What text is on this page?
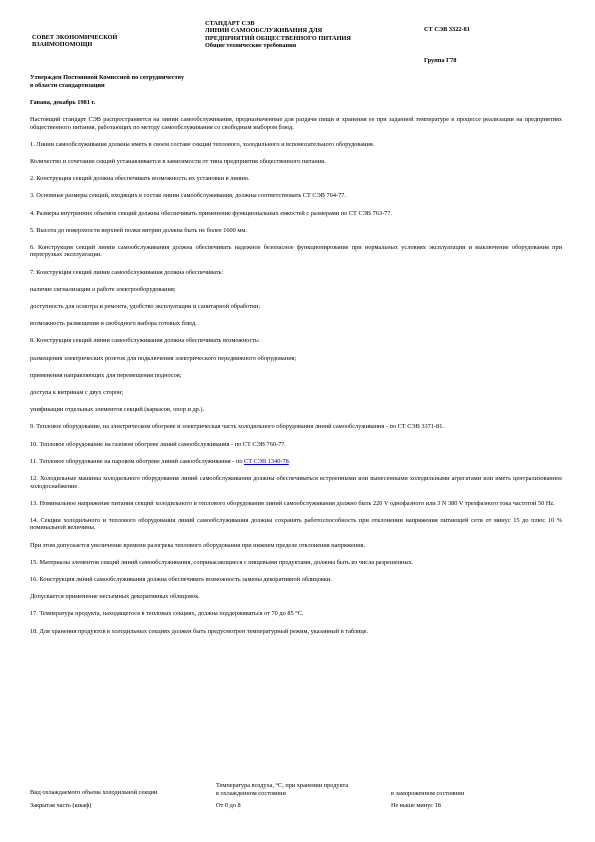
СОВЕТ ЭКОНОМИЧЕСКОЙ
ВЗАИМОПОМОЩИ
СТАНДАРТ СЭВ
ЛИНИИ САМООБСЛУЖИВАНИЯ ДЛЯ
ПРЕДПРИЯТИЙ ОБЩЕСТВЕННОГО ПИТАНИЯ
Общие технические требования
СТ СЭВ 3322-81
Группа Г78

Утвержден Постоянной Комиссией по сотрудничеству

в области стандартизации

Гавана, декабрь 1981 г.

Настоящий стандарт СЭВ распространяется на линии самообслуживания, предназначенные для раздачи пищи и хранения ее при заданной температуре в процессе реализации на предприятиях общественного питания, работающих по методу самообслуживания со свободным выбором блюд.

1. Линии самообслуживания должны иметь в своем составе секции теплового, холодильного и вспомогательного оборудования.

Количество и сочетание секций устанавливается в зависимости от типа предприятия общественного питания.

2. Конструкция секций должна обеспечивать возможность их установки в линию.

3. Основные размеры секций, входящих в состав линии самообслуживания, должны соответствовать СТ СЭВ 764-77.

4. Размеры внутренних объемов секций должны обеспечивать применение функциональных емкостей с размерами по СТ СЭВ 763-77.

5. Высота до поверхности верхней полки витрин должна быть не более 1600 мм.

6. Конструкция секций линии самообслуживания должна обеспечивать надежное безопасное функционирование при нормальных условиях эксплуатации и выключение оборудования при перегрузках эксплуатации.

7. Конструкция секций линии самообслуживания должна обеспечивать:

наличие сигнализации о работе электрооборудования;

доступность для осмотра и ремонта, удобство эксплуатации и санитарной обработки;

возможность размещения и свободного выбора готовых блюд.

8. Конструкция секций линии самообслуживания должна обеспечивать возможность:

размещения электрических розеток для подключения электрического передвижного оборудования;

применения направляющих для перемещения подносов;

доступа к витринам с двух сторон;

унификации отдельных элементов секций (каркасов, опор и др.).

9. Тепловое оборудование, на электрическом обогреве и электрическая часть холодильного оборудования линий самообслуживания - по СТ СЭВ 3371-81.

10. Тепловое оборудование на газовом обогреве линий самообслуживания - по СТ СЭВ 760-77.

11. Тепловое оборудование на паровом обогреве линий самообслуживания - по СТ СЭВ 1340-78.

12. Холодильные машины холодильного оборудования линий самообслуживания должны обеспечиваться встроенными или вынесенными холодильными агрегатами или иметь централизованное холодоснабжение.

13. Номинальное напряжение питания секций холодильного и теплового оборудования линий самообслуживания должно быть 220 V однофазного или 3 N 380 V трехфазного тока частотой 50 Hz.

14. Секции холодильного и теплового оборудования линий самообслуживания должны сохранять работоспособность при отклонении напряжения питающей сети от минус 15 до плюс 10 % номинальной величины.

При этом допускается увеличение времени разогрева теплового оборудования при нижнем пределе отклонения напряжения.

15. Материалы элементов секций линий самообслуживания, соприкасающиеся с пищевыми продуктами, должны быть из числа разрешенных.

16. Конструкция линий самообслуживания должна обеспечивать возможность замены декоративной облицовки.

Допускается применение несъемных декоративных облицовок.

17. Температура продукта, находящегося в тепловых секциях, должна поддерживаться от 70 до 85 °С.

18. Для хранения продуктов в холодильных секциях должен быть предусмотрен температурный режим, указанный в таблице.

Вид охлаждаемого объема холодильной секции	Температура воздуха, °С, при хранении продукта	
	в охлажденном состоянии	в замороженном состоянии
Закрытая часть (шкаф)	От 0 до 8	Не выше минус 18
